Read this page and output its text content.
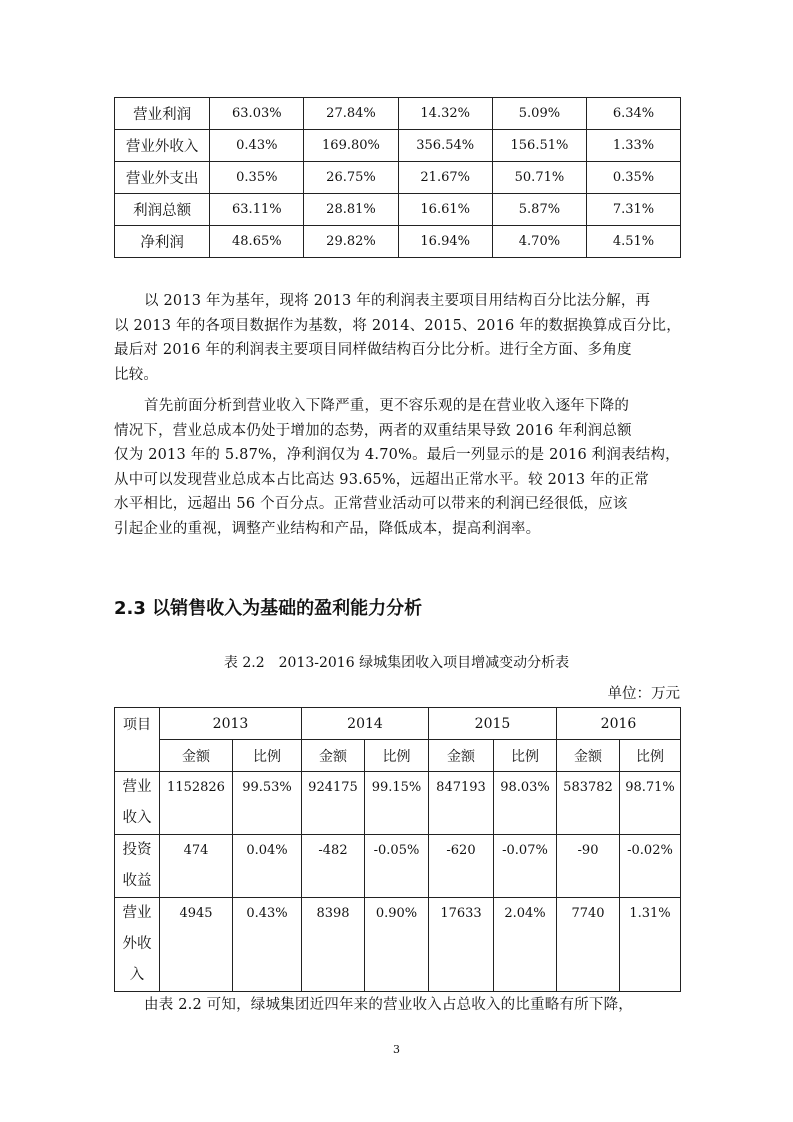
营业利润	63.03%	27.84%	14.32%	5.09%	6.34%
营业外收入	0.43%	169.80%	356.54%	156.51%	1.33%
营业外支出	0.35%	26.75%	21.67%	50.71%	0.35%
利润总额	63.11%	28.81%	16.61%	5.87%	7.31%
净利润	48.65%	29.82%	16.94%	4.70%	4.51%
以 2013 年为基年，现将 2013 年的利润表主要项目用结构百分比法分解，再
以 2013 年的各项目数据作为基数，将 2014、2015、2016 年的数据换算成百分比，
最后对 2016 年的利润表主要项目同样做结构百分比分析。进行全方面、多角度
比较。
首先前面分析到营业收入下降严重，更不容乐观的是在营业收入逐年下降的
情况下，营业总成本仍处于增加的态势，两者的双重结果导致 2016 年利润总额
仅为 2013 年的 5.87%，净利润仅为 4.70%。最后一列显示的是 2016 利润表结构，
从中可以发现营业总成本占比高达 93.65%，远超出正常水平。较 2013 年的正常
水平相比，远超出 56 个百分点。正常营业活动可以带来的利润已经很低，应该
引起企业的重视，调整产业结构和产品，降低成本，提高利润率。
2.3 以销售收入为基础的盈利能力分析
表 2.2　2013-2016 绿城集团收入项目增减变动分析表
单位：万元
项目	2013		2014		2015		2016	
	金额	比例	金额	比例	金额	比例	金额	比例

营业
收入	1152826	99.53%	924175	99.15%	847193	98.03%	583782	98.71%

投资
收益	474	0.04%	-482	-0.05%	-620	-0.07%	-90	-0.02%

营业
外收
入	4945	0.43%	8398	0.90%	17633	2.04%	7740	1.31%
由表 2.2 可知，绿城集团近四年来的营业收入占总收入的比重略有所下降，
3
